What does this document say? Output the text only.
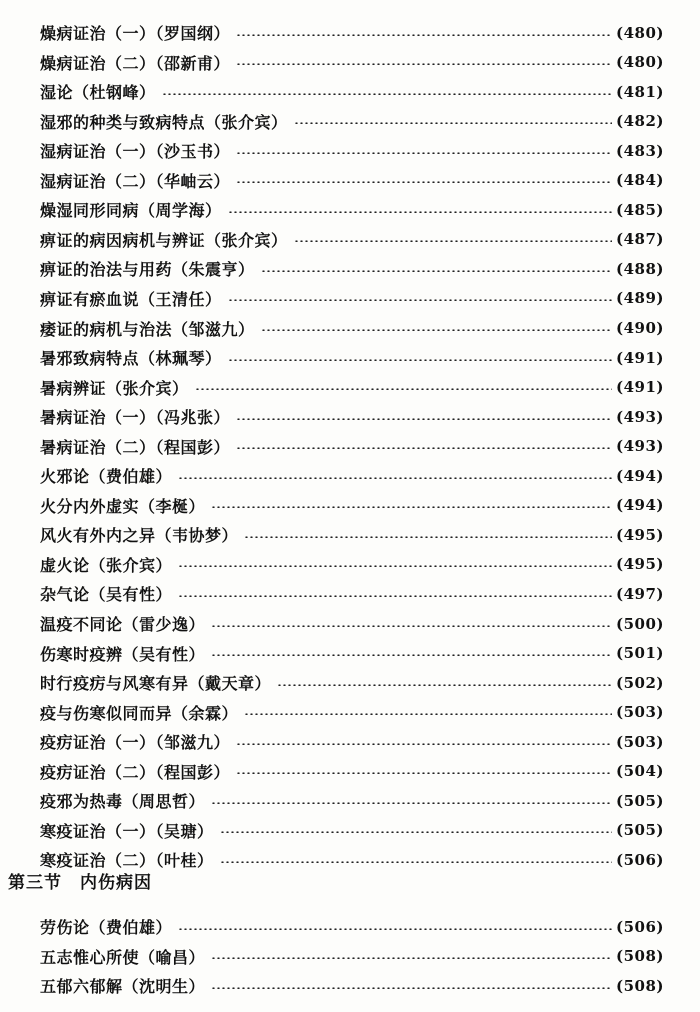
燥病证治（一）（罗国纲）	(480)
燥病证治（二）（邵新甫）	(480)
湿论（杜钢峰）	(481)
湿邪的种类与致病特点（张介宾）	(482)
湿病证治（一）（沙玉书）	(483)
湿病证治（二）（华岫云）	(484)
燥湿同形同病（周学海）	(485)
痹证的病因病机与辨证（张介宾）	(487)
痹证的治法与用药（朱震亨）	(488)
痹证有瘀血说（王清任）	(489)
痿证的病机与治法（邹滋九）	(490)
暑邪致病特点（林珮琴）	(491)
暑病辨证（张介宾）	(491)
暑病证治（一）（冯兆张）	(493)
暑病证治（二）（程国彭）	(493)
火邪论（费伯雄）	(494)
火分内外虚实（李梴）	(494)
风火有外内之异（韦协梦）	(495)
虚火论（张介宾）	(495)
杂气论（吴有性）	(497)
温疫不同论（雷少逸）	(500)
伤寒时疫辨（吴有性）	(501)
时行疫疠与风寒有异（戴天章）	(502)
疫与伤寒似同而异（余霖）	(503)
疫疠证治（一）（邹滋九）	(503)
疫疠证治（二）（程国彭）	(504)
疫邪为热毒（周思哲）	(505)
寒疫证治（一）（吴瑭）	(505)
寒疫证治（二）（叶桂）	(506)
第三节　内伤病因
劳伤论（费伯雄）	(506)
五志惟心所使（喻昌）	(508)
五郁六郁解（沈明生）	(508)
